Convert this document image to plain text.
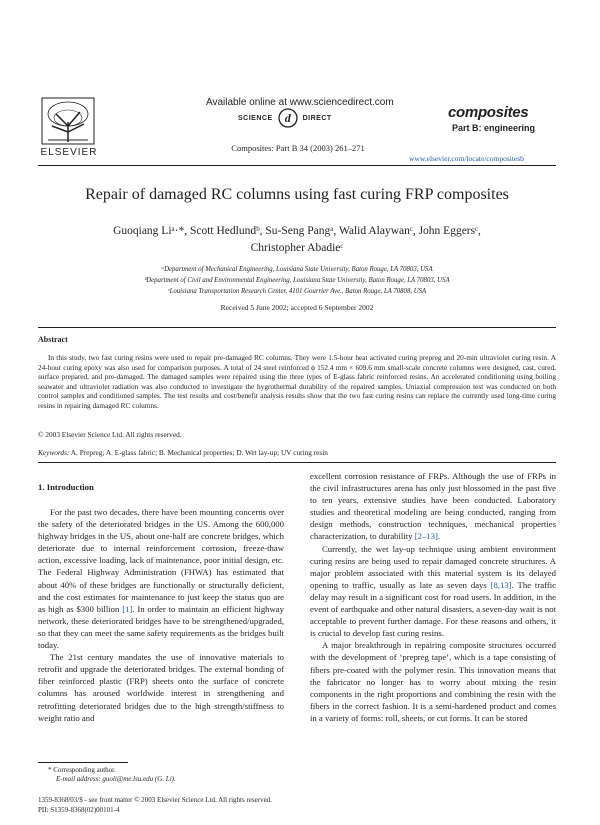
ELSEVIER
Available online at www.sciencedirect.com
SCIENCE d DIRECT
Composites: Part B 34 (2003) 261–271
composites
Part B: engineering
www.elsevier.com/locate/compositesb
Repair of damaged RC columns using fast curing FRP composites
Guoqiang Liᵃ·*, Scott Hedlundᵇ, Su-Seng Pangᵃ, Walid Alaywanᶜ, John Eggersᶜ,
Christopher Abadieᶜ
ᵃDepartment of Mechanical Engineering, Louisiana State University, Baton Rouge, LA 70803, USA
ᵇDepartment of Civil and Environmental Engineering, Louisiana State University, Baton Rouge, LA 70803, USA
ᶜLouisiana Transportation Research Center, 4101 Gourrier Ave., Baton Rouge, LA 70808, USA
Received 5 June 2002; accepted 6 September 2002
Abstract
In this study, two fast curing resins were used to repair pre-damaged RC columns. They were 1.5-hour heat activated curing prepreg and 20-min ultraviolet curing resin. A 24-hour curing epoxy was also used for comparison purposes. A total of 24 steel reinforced ϕ 152.4 mm × 609.6 mm small-scale concrete columns were designed, cast, cured, surface prepared, and pre-damaged. The damaged samples were repaired using the three types of E-glass fabric reinforced resins. An accelerated conditioning using boiling seawater and ultraviolet radiation was also conducted to investigate the hygrothermal durability of the repaired samples. Uniaxial compression test was conducted on both control samples and conditioned samples. The test results and cost/benefit analysis results show that the two fast curing resins can replace the currently used long-time curing resins in repairing damaged RC columns.
© 2003 Elsevier Science Ltd. All rights reserved.
Keywords: A. Prepreg; A. E-glass fabric; B. Mechanical properties; D. Wet lay-up; UV curing resin
1. Introduction

For the past two decades, there have been mounting concerns over the safety of the deteriorated bridges in the US. Among the 600,000 highway bridges in the US, about one-half are concrete bridges, which deteriorate due to internal reinforcement corrosion, freeze-thaw action, excessive loading, lack of maintenance, poor initial design, etc. The Federal Highway Administration (FHWA) has estimated that about 40% of these bridges are functionally or structurally deficient, and the cost estimates for maintenance to just keep the status quo are as high as $300 billion [1]. In order to maintain an efficient highway network, these deteriorated bridges have to be strengthened/upgraded, so that they can meet the same safety requirements as the bridges built today.

The 21st century mandates the use of innovative materials to retrofit and upgrade the deteriorated bridges. The external bonding of fiber reinforced plastic (FRP) sheets onto the surface of concrete columns has aroused worldwide interest in strengthening and retrofitting deteriorated bridges due to the high strength/stiffness to weight ratio and

excellent corrosion resistance of FRPs. Although the use of FRPs in the civil infrastructures arena has only just blossomed in the past five to ten years, extensive studies have been conducted. Laboratory studies and theoretical modeling are being conducted, ranging from design methods, construction techniques, mechanical properties characterization, to durability [2–13].

Currently, the wet lay-up technique using ambient environment curing resins are being used to repair damaged concrete structures. A major problem associated with this material system is its delayed opening to traffic, usually as late as seven days [8,13]. The traffic delay may result in a significant cost for road users. In addition, in the event of earthquake and other natural disasters, a seven-day wait is not acceptable to prevent further damage. For these reasons and others, it is crucial to develop fast curing resins.

A major breakthrough in repairing composite structures occurred with the development of ‘prepreg tape’, which is a tape consisting of fibers pre-coated with the polymer resin. This innovation means that the fabricator no longer has to worry about mixing the resin components in the right proportions and combining the resin with the fibers in the correct fashion. It is a semi-hardened product and comes in a variety of forms: roll, sheets, or cut forms. It can be stored

* Corresponding author.
E-mail address: guoli@me.lsu.edu (G. Li).
1359-8368/03/$ - see front matter © 2003 Elsevier Science Ltd. All rights reserved.
PII: S1359-8368(02)00101-4
